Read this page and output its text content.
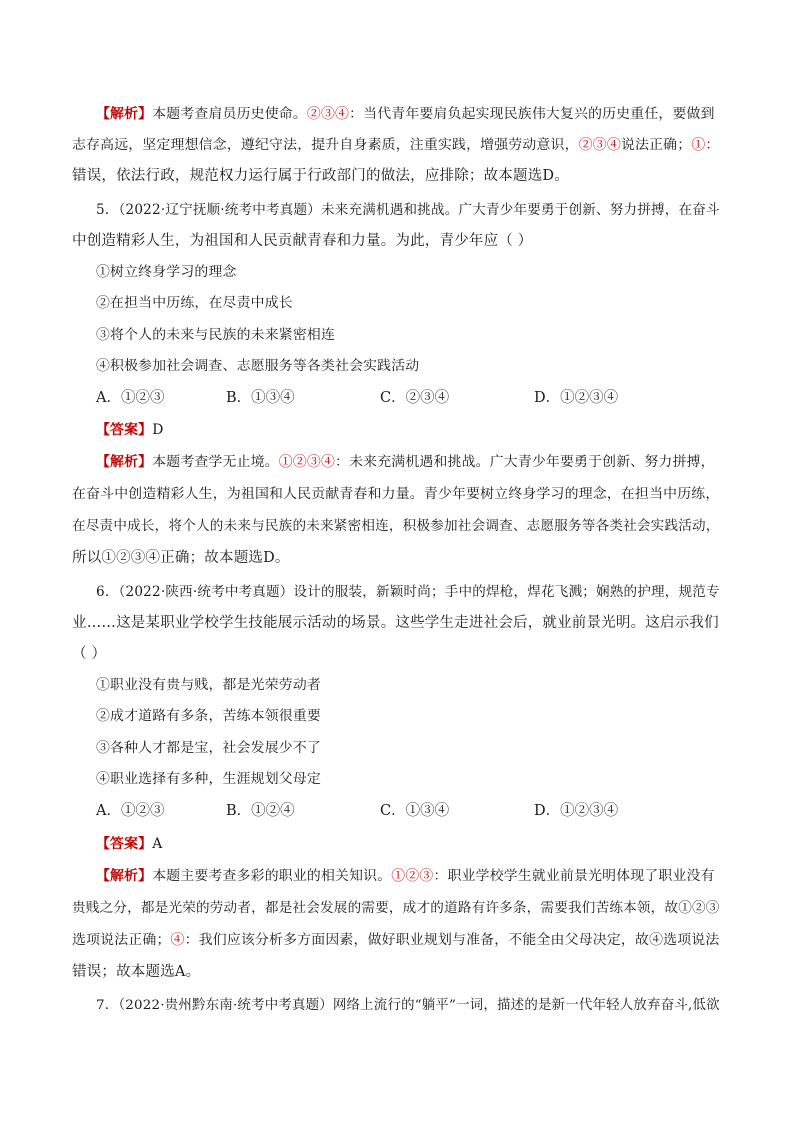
【解析】本题考查肩员历史使命。②③④：当代青年要肩负起实现民族伟大复兴的历史重任，要做到
志存高远，坚定理想信念，遵纪守法，提升自身素质，注重实践，增强劳动意识，②③④说法正确；①：
错误，依法行政，规范权力运行属于行政部门的做法，应排除；故本题选D。
5．（2022·辽宁抚顺·统考中考真题）未来充满机遇和挑战。广大青少年要勇于创新、努力拼搏，在奋斗
中创造精彩人生，为祖国和人民贡献青春和力量。为此，青少年应（ ）
①树立终身学习的理念
②在担当中历练，在尽责中成长
③将个人的未来与民族的未来紧密相连
④积极参加社会调查、志愿服务等各类社会实践活动
A．①②③	B．①③④	C．②③④	D．①②③④
【答案】D
【解析】本题考查学无止境。①②③④：未来充满机遇和挑战。广大青少年要勇于创新、努力拼搏，
在奋斗中创造精彩人生，为祖国和人民贡献青春和力量。青少年要树立终身学习的理念，在担当中历练，
在尽责中成长，将个人的未来与民族的未来紧密相连，积极参加社会调查、志愿服务等各类社会实践活动，
所以①②③④正确；故本题选D。
6．（2022·陕西·统考中考真题）设计的服装，新颖时尚；手中的焊枪，焊花飞溅；娴熟的护理，规范专
业……这是某职业学校学生技能展示活动的场景。这些学生走进社会后，就业前景光明。这启示我们
（ ）
①职业没有贵与贱，都是光荣劳动者
②成才道路有多条，苦练本领很重要
③各种人才都是宝，社会发展少不了
④职业选择有多种，生涯规划父母定
A．①②③	B．①②④	C．①③④	D．①②③④
【答案】A
【解析】本题主要考查多彩的职业的相关知识。①②③：职业学校学生就业前景光明体现了职业没有
贵贱之分，都是光荣的劳动者，都是社会发展的需要，成才的道路有许多条，需要我们苦练本领，故①②③
选项说法正确；④：我们应该分析多方面因素，做好职业规划与准备，不能全由父母决定，故④选项说法
错误；故本题选A。
7．（2022·贵州黔东南·统考中考真题）网络上流行的“躺平”一词，描述的是新一代年轻人放弃奋斗,低欲
